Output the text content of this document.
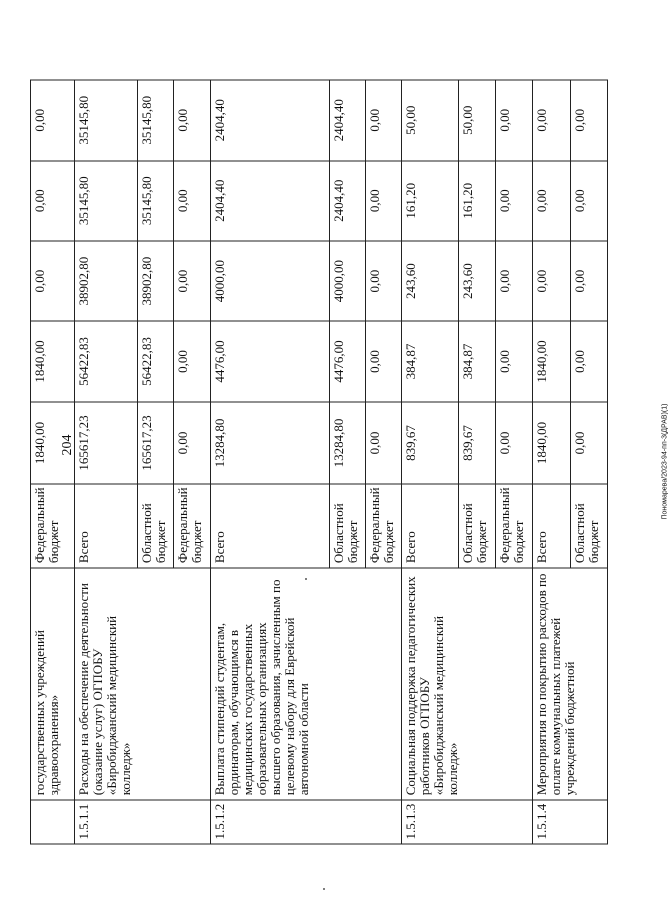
204	Пономарева/2023-94-пп-3(ДРАВ)(1)
	государственных учреждений здравоохранения»	Федеральный бюджет	1840,00	1840,00	0,00	0,00	0,00
1.5.1.1	Расходы на обеспечение деятельности (оказание услуг) ОГПОБУ «Биробиджанский медицинский колледж»	Всего	165617,23	56422,83	38902,80	35145,80	35145,80
		Областной бюджет	165617,23	56422,83	38902,80	35145,80	35145,80
		Федеральный бюджет	0,00	0,00	0,00	0,00	0,00
1.5.1.2	Выплата стипендий студентам, ординаторам, обучающимся в медицинских государственных образовательных организациях высшего образования, зачисленным по целевому набору для Еврейской автономной области	Всего	13284,80	4476,00	4000,00	2404,40	2404,40
		Областной бюджет	13284,80	4476,00	4000,00	2404,40	2404,40
		Федеральный бюджет	0,00	0,00	0,00	0,00	0,00
1.5.1.3	Социальная поддержка педагогических работников ОГПОБУ «Биробиджанский медицинский колледж»	Всего	839,67	384,87	243,60	161,20	50,00
		Областной бюджет	839,67	384,87	243,60	161,20	50,00
		Федеральный бюджет	0,00	0,00	0,00	0,00	0,00
1.5.1.4	Мероприятия по покрытию расходов по оплате коммунальных платежей учреждений бюджетной	Всего	1840,00	1840,00	0,00	0,00	0,00
		Областной бюджет	0,00	0,00	0,00	0,00	0,00
